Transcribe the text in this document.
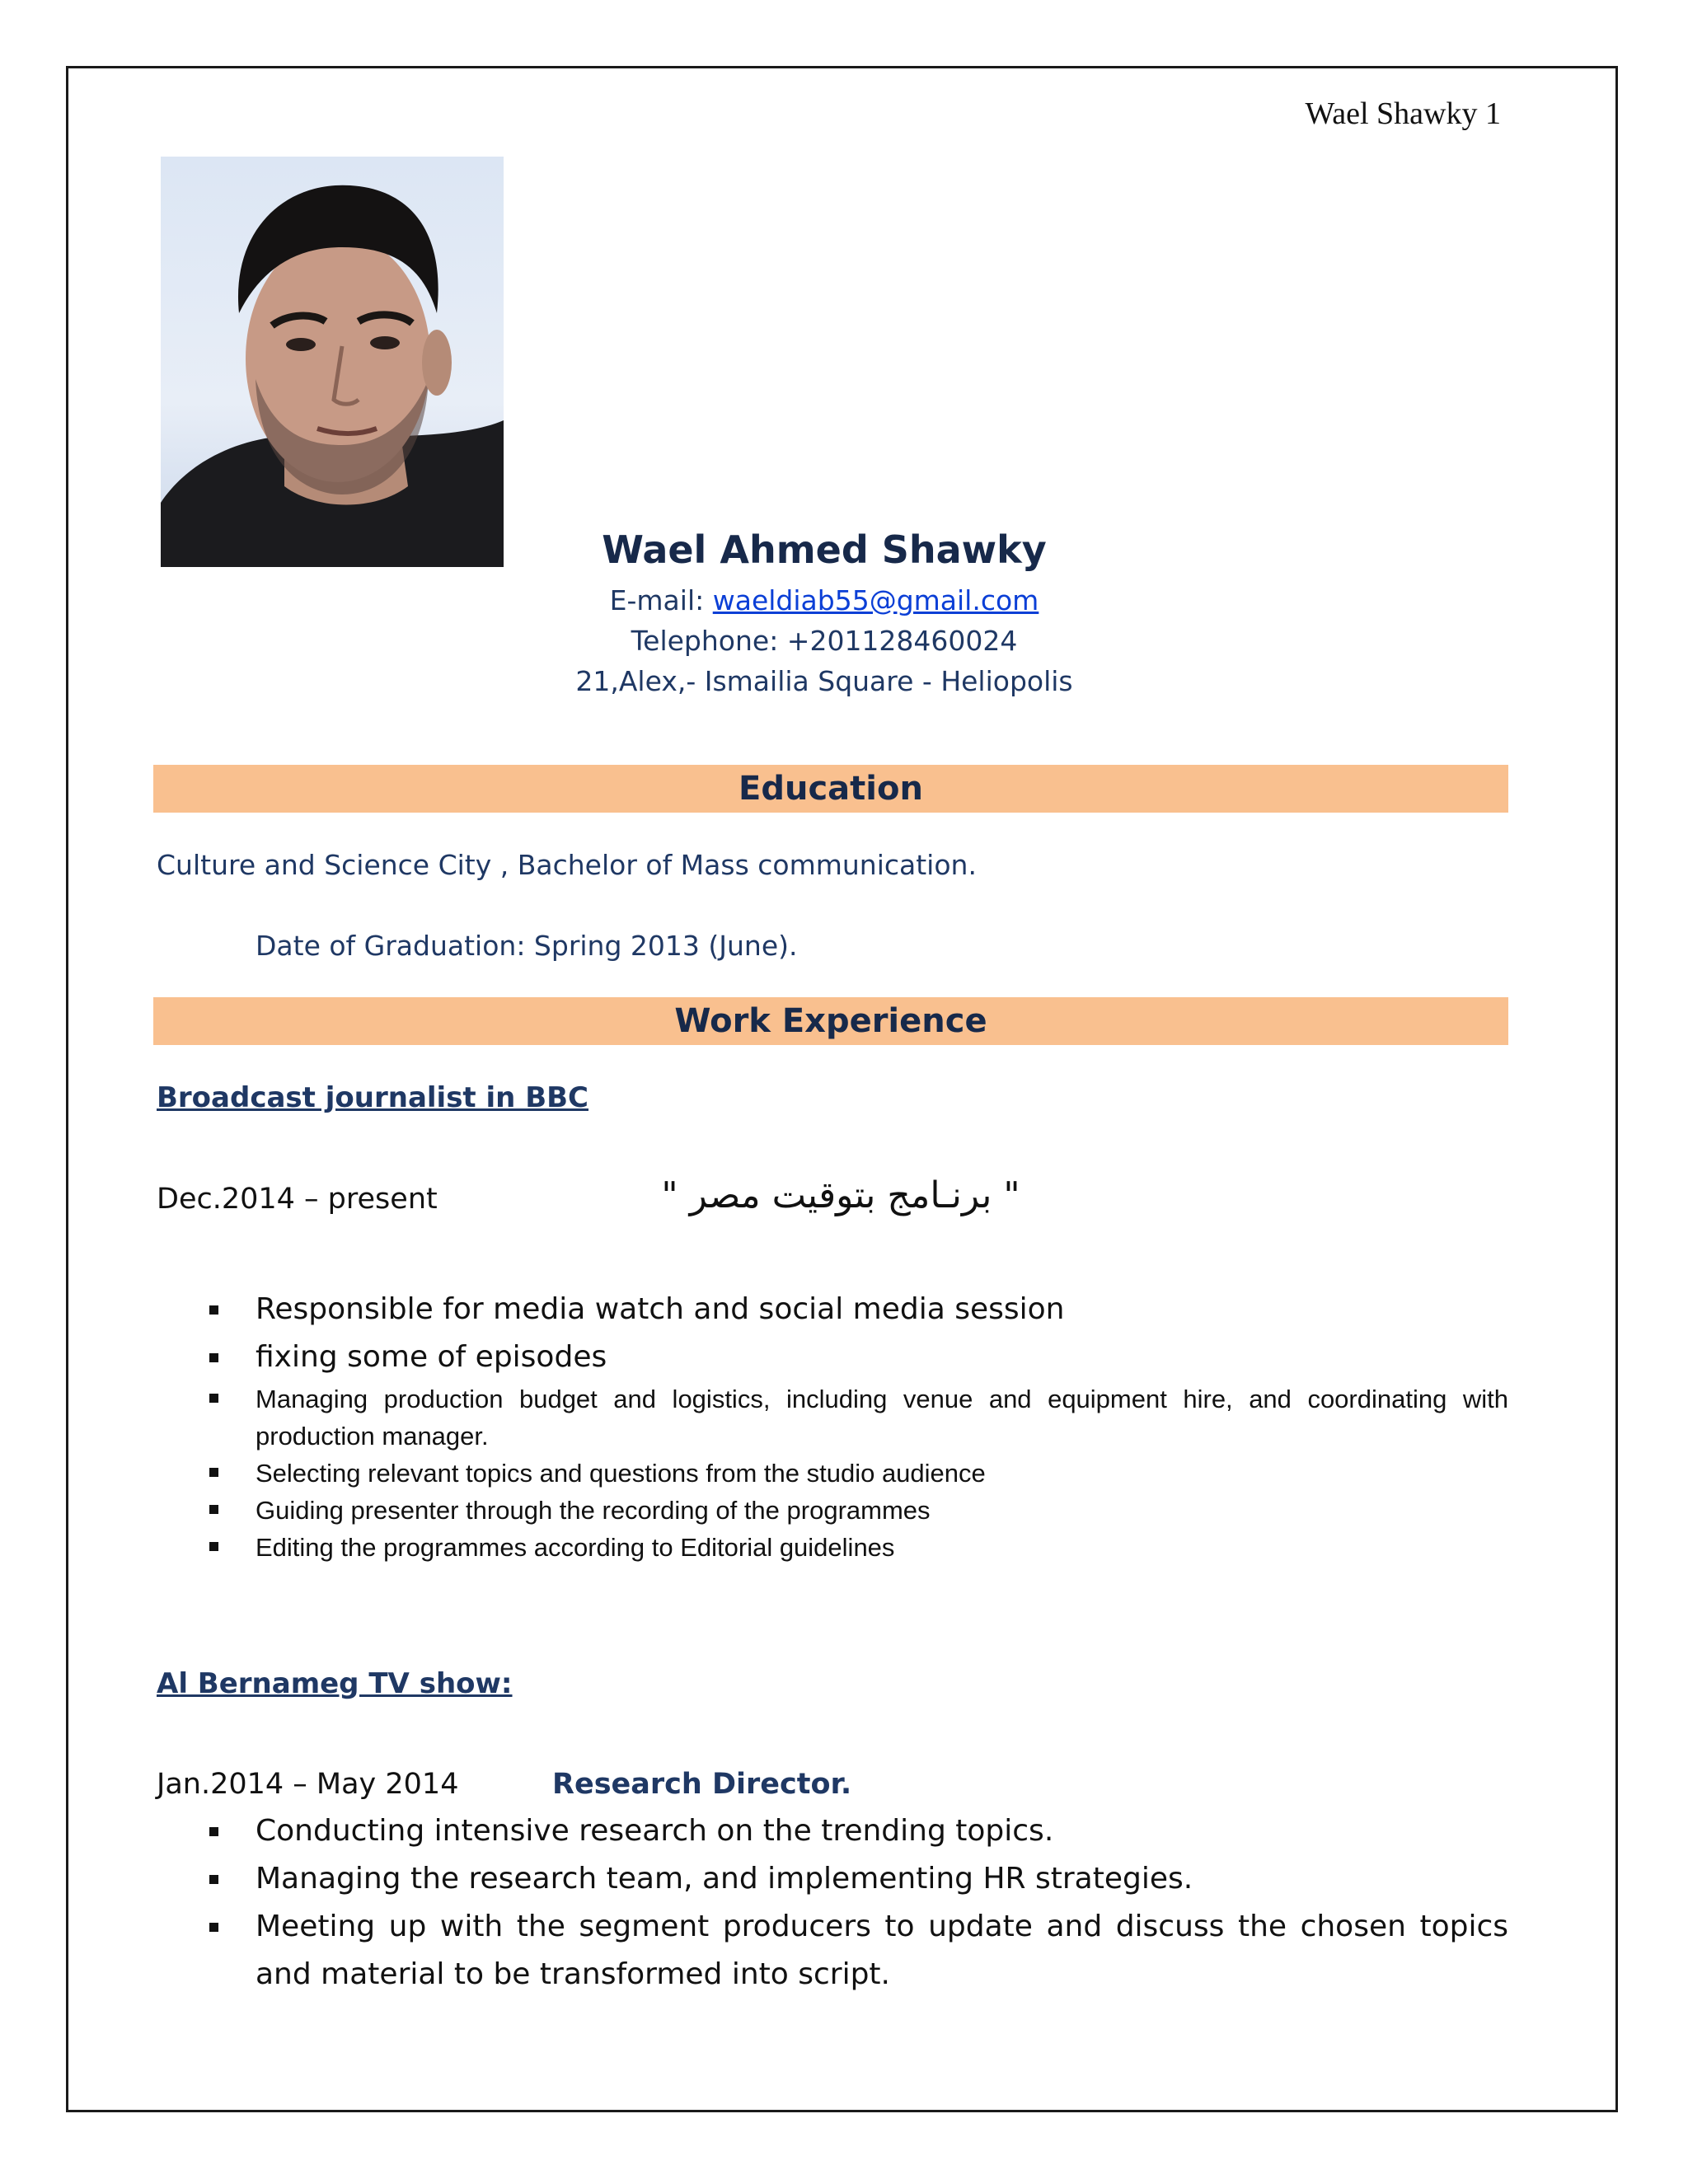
Wael Shawky 1
Wael Ahmed Shawky
E-mail: waeldiab55@gmail.com
Telephone: +201128460024
21,Alex,- Ismailia Square - Heliopolis
Education
Culture and Science City , Bachelor of Mass communication.
Date of Graduation: Spring 2013 (June).
Work Experience
Broadcast journalist in BBC
Dec.2014 – present	" برنـامج بتوقيت مصر "
Responsible for media watch and social media session
fixing some of episodes
Managing production budget and logistics, including venue and equipment hire, and coordinating with production manager.
Selecting relevant topics and questions from the studio audience
Guiding presenter through the recording of the programmes
Editing the programmes according to Editorial guidelines
Al Bernameg TV show:
Jan.2014 – May 2014	Research Director.
Conducting intensive research on the trending topics.
Managing the research team, and implementing HR strategies.
Meeting up with the segment producers to update and discuss the chosen topics and material to be transformed into script.
